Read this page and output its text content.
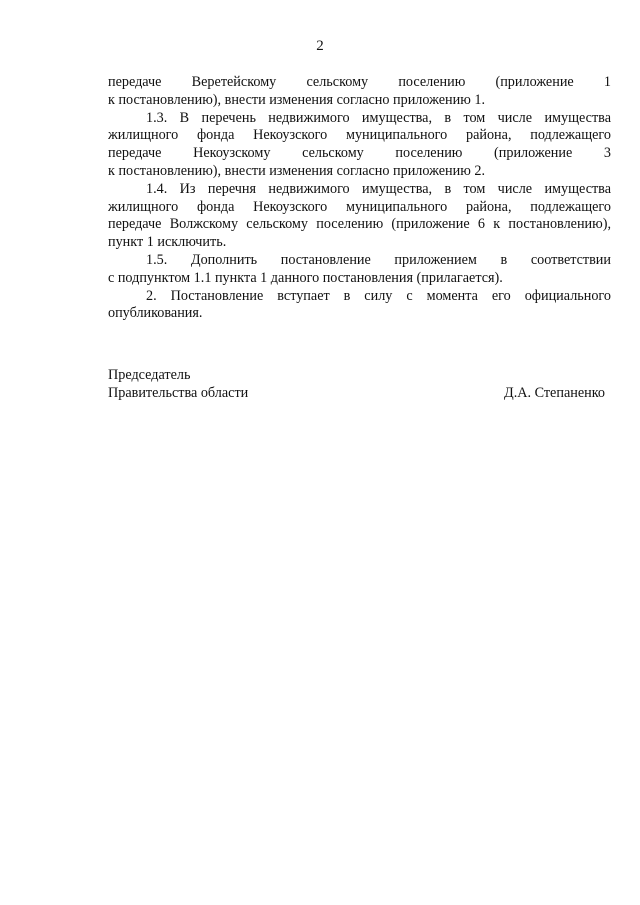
2
передаче Веретейскому сельскому поселению (приложение 1
к постановлению), внести изменения согласно приложению 1.
1.3. В перечень недвижимого имущества, в том числе имущества
жилищного фонда Некоузского муниципального района, подлежащего
передаче Некоузскому сельскому поселению (приложение 3
к постановлению), внести изменения согласно приложению 2.
1.4. Из перечня недвижимого имущества, в том числе имущества
жилищного фонда Некоузского муниципального района, подлежащего
передаче Волжскому сельскому поселению (приложение 6 к постановлению),
пункт 1 исключить.
1.5. Дополнить постановление приложением в соответствии
с подпунктом 1.1 пункта 1 данного постановления (прилагается).
2. Постановление вступает в силу с момента его официального
опубликования.
Председатель
Правительства области	Д.А. Степаненко
